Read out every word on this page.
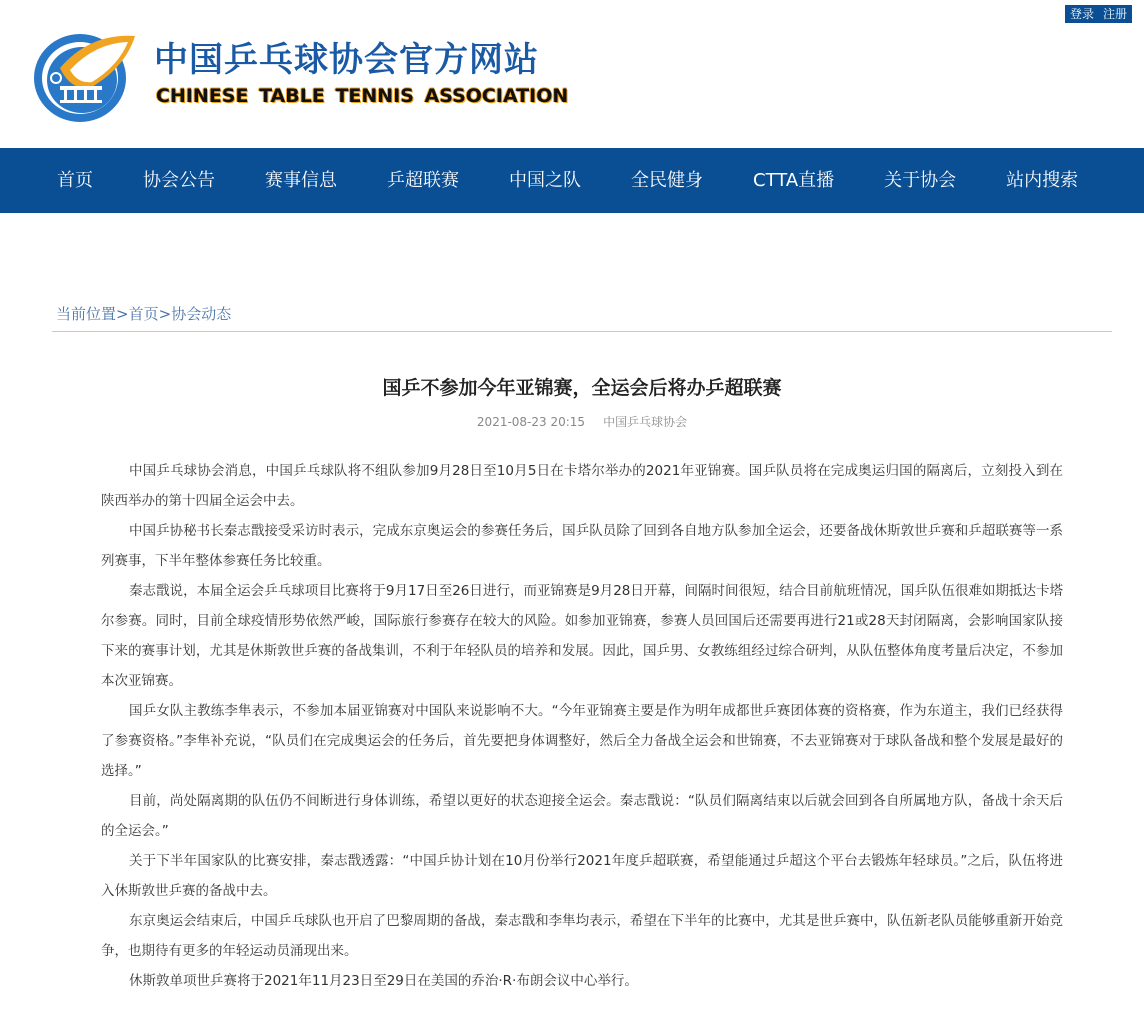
中国乒乓球协会官方网站
CHINESE TABLE TENNIS ASSOCIATION
登录 注册
首页	协会公告	赛事信息	乒超联赛	中国之队	全民健身	CTTA直播	关于协会	站内搜索
当前位置>首页>协会动态
国乒不参加今年亚锦赛，全运会后将办乒超联赛
2021-08-23 20:15 中国乒乓球协会

中国乒乓球协会消息，中国乒乓球队将不组队参加9月28日至10月5日在卡塔尔举办的2021年亚锦赛。国乒队员将在完成奥运归国的隔离后，立刻投入到在陕西举办的第十四届全运会中去。

中国乒协秘书长秦志戬接受采访时表示，完成东京奥运会的参赛任务后，国乒队员除了回到各自地方队参加全运会，还要备战休斯敦世乒赛和乒超联赛等一系列赛事，下半年整体参赛任务比较重。

秦志戬说，本届全运会乒乓球项目比赛将于9月17日至26日进行，而亚锦赛是9月28日开幕，间隔时间很短，结合目前航班情况，国乒队伍很难如期抵达卡塔尔参赛。同时，目前全球疫情形势依然严峻，国际旅行参赛存在较大的风险。如参加亚锦赛，参赛人员回国后还需要再进行21或28天封闭隔离，会影响国家队接下来的赛事计划，尤其是休斯敦世乒赛的备战集训，不利于年轻队员的培养和发展。因此，国乒男、女教练组经过综合研判，从队伍整体角度考量后决定，不参加本次亚锦赛。

国乒女队主教练李隼表示，不参加本届亚锦赛对中国队来说影响不大。“今年亚锦赛主要是作为明年成都世乒赛团体赛的资格赛，作为东道主，我们已经获得了参赛资格。”李隼补充说，“队员们在完成奥运会的任务后，首先要把身体调整好，然后全力备战全运会和世锦赛，不去亚锦赛对于球队备战和整个发展是最好的选择。”

目前，尚处隔离期的队伍仍不间断进行身体训练，希望以更好的状态迎接全运会。秦志戬说：“队员们隔离结束以后就会回到各自所属地方队，备战十余天后的全运会。”

关于下半年国家队的比赛安排，秦志戬透露：“中国乒协计划在10月份举行2021年度乒超联赛，希望能通过乒超这个平台去锻炼年轻球员。”之后，队伍将进入休斯敦世乒赛的备战中去。

东京奥运会结束后，中国乒乓球队也开启了巴黎周期的备战，秦志戬和李隼均表示，希望在下半年的比赛中，尤其是世乒赛中，队伍新老队员能够重新开始竞争，也期待有更多的年轻运动员涌现出来。

休斯敦单项世乒赛将于2021年11月23日至29日在美国的乔治·R·布朗会议中心举行。
